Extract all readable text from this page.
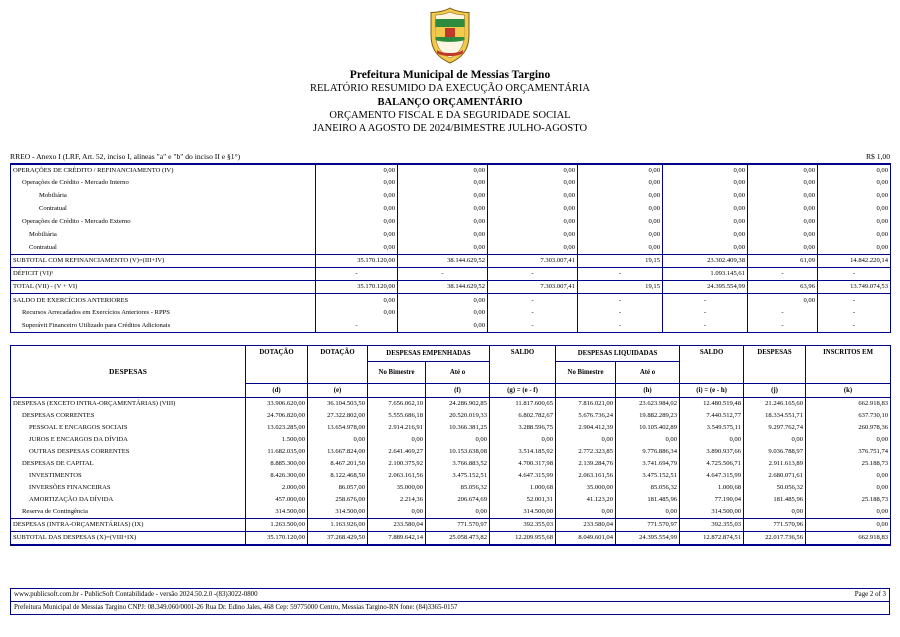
Prefeitura Municipal de Messias Targino
RELATÓRIO RESUMIDO DA EXECUÇÃO ORÇAMENTÁRIA
BALANÇO ORÇAMENTÁRIO
ORÇAMENTO FISCAL E DA SEGURIDADE SOCIAL
JANEIRO A AGOSTO DE 2024/BIMESTRE JULHO-AGOSTO
RREO - Anexo I (LRF, Art. 52, inciso I, alíneas "a" e "b" do inciso II e §1°)	R$ 1,00
OPERAÇÕES DE CRÉDITO / REFINANCIAMENTO (IV)	0,00	0,00	0,00	0,00	0,00	0,00	0,00
Operações de Crédito - Mercado Interno	0,00	0,00	0,00	0,00	0,00	0,00	0,00
Mobiliária	0,00	0,00	0,00	0,00	0,00	0,00	0,00
Contratual	0,00	0,00	0,00	0,00	0,00	0,00	0,00
Operações de Crédito - Mercado Externo	0,00	0,00	0,00	0,00	0,00	0,00	0,00
Mobiliária	0,00	0,00	0,00	0,00	0,00	0,00	0,00
Contratual	0,00	0,00	0,00	0,00	0,00	0,00	0,00
SUBTOTAL COM REFINANCIAMENTO (V)=(III+IV)	35.170.120,00	38.144.629,52	7.303.007,41	19,15	23.302.409,38	61,09	14.842.220,14
DÉFICIT (VI)¹	-	-	-	-	1.093.145,61	-	-
TOTAL (VII) - (V + VI)	35.170.120,00	38.144.629,52	7.303.007,41	19,15	24.395.554,99	63,96	13.749.074,53
SALDO DE EXERCÍCIOS ANTERIORES	0,00	0,00	-	-	-	0,00	-
Recursos Arrecadados em Exercícios Anteriores - RPPS	0,00	0,00	-	-	-	-	-
Superávit Financeiro Utilizado para Créditos Adicionais	-	0,00	-	-	-	-	-
DESPESAS	DOTAÇÃO	DOTAÇÃO	DESPESAS EMPENHADAS		SALDO	DESPESAS LIQUIDADAS		SALDO	DESPESAS	INSCRITOS EM
			No Bimestre	Até o		No Bimestre	Até o			
	(d)	(e)		(f)	(g) = (e - f)		(h)	(i) = (e - h)	(j)	(k)
DESPESAS (EXCETO INTRA-ORÇAMENTÁRIAS) (VIII)	33.906.620,00	36.104.503,50	7.656.062,10	24.286.902,85	11.817.600,65	7.816.021,00	23.623.984,02	12.480.519,48	21.246.165,60	662.918,83
DESPESAS CORRENTES	24.706.820,00	27.322.802,00	5.555.686,18	20.520.019,33	6.802.782,67	5.676.736,24	19.882.289,23	7.440.512,77	18.334.551,71	637.730,10
PESSOAL E ENCARGOS SOCIAIS	13.023.285,00	13.654.978,00	2.914.216,91	10.366.381,25	3.288.596,75	2.904.412,39	10.105.402,89	3.549.575,11	9.297.762,74	260.978,36
JUROS E ENCARGOS DA DÍVIDA	1.500,00	0,00	0,00	0,00	0,00	0,00	0,00	0,00	0,00	0,00
OUTRAS DESPESAS CORRENTES	11.682.035,00	13.667.824,00	2.641.469,27	10.153.638,08	3.514.185,92	2.772.323,85	9.776.886,34	3.890.937,66	9.036.788,97	376.751,74
DESPESAS DE CAPITAL	8.885.300,00	8.467.201,50	2.100.375,92	3.766.883,52	4.700.317,98	2.139.284,76	3.741.694,79	4.725.506,71	2.911.613,89	25.188,73
INVESTIMENTOS	8.426.300,00	8.122.468,50	2.063.161,56	3.475.152,51	4.647.315,99	2.063.161,56	3.475.152,51	4.647.315,99	2.680.071,61	0,00
INVERSÕES FINANCEIRAS	2.000,00	86.057,00	35.000,00	85.056,32	1.000,68	35.000,00	85.056,32	1.000,68	50.056,32	0,00
AMORTIZAÇÃO DA DÍVIDA	457.000,00	258.676,00	2.214,36	206.674,69	52.001,31	41.123,20	181.485,96	77.190,04	181.485,96	25.188,73
Reserva de Contingência	314.500,00	314.500,00	0,00	0,00	314.500,00	0,00	0,00	314.500,00	0,00	0,00
DESPESAS (INTRA-ORÇAMENTÁRIAS) (IX)	1.263.500,00	1.163.926,00	233.580,04	771.570,97	392.355,03	233.580,04	771.570,97	392.355,03	771.570,96	0,00
SUBTOTAL DAS DESPESAS (X)=(VIII+IX)	35.170.120,00	37.268.429,50	7.889.642,14	25.058.473,82	12.209.955,68	8.049.601,04	24.395.554,99	12.872.874,51	22.017.736,56	662.918,83
www.publicsoft.com.br - PublicSoft Contabilidade - versão 2024.50.2.0 -(83)3022-0800	Page 2 of 3
Prefeitura Municipal de Messias Targino CNPJ: 08.349.060/0001-26 Rua Dr. Edino Jales, 468 Cep: 59775000 Centro, Messias Targino-RN fone: (84)3365-0157
